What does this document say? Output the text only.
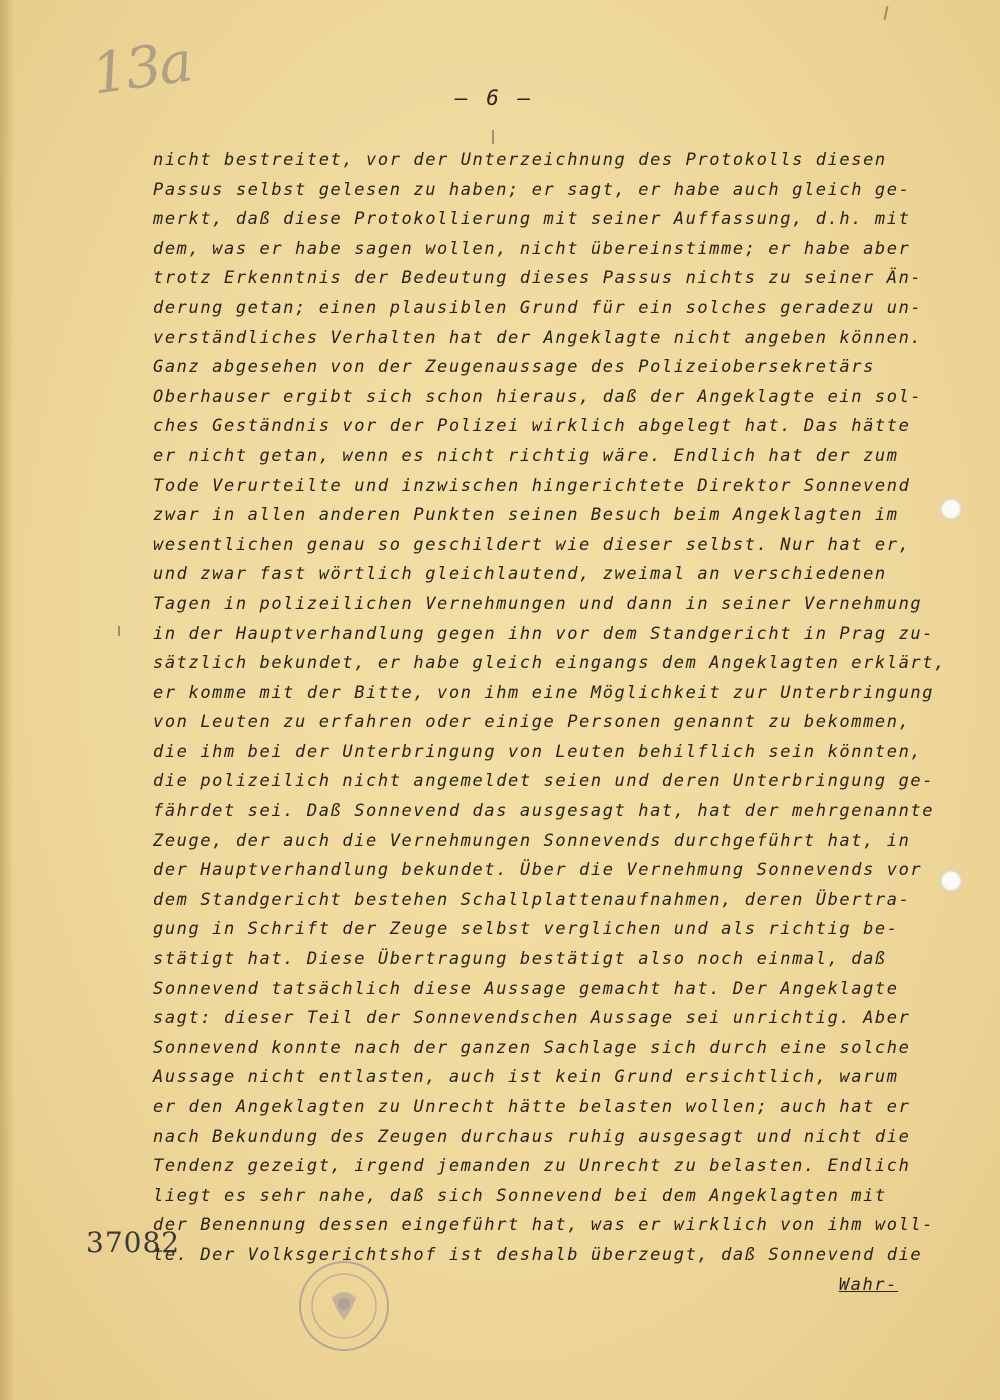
13a	– 6 –
nicht bestreitet, vor der Unterzeichnung des Protokolls diesen
Passus selbst gelesen zu haben; er sagt, er habe auch gleich ge-
merkt, daß diese Protokollierung mit seiner Auffassung, d.h. mit
dem, was er habe sagen wollen, nicht übereinstimme; er habe aber
trotz Erkenntnis der Bedeutung dieses Passus nichts zu seiner Än-
derung getan; einen plausiblen Grund für ein solches geradezu un-
verständliches Verhalten hat der Angeklagte nicht angeben können.
Ganz abgesehen von der Zeugenaussage des Polizeiobersekretärs
Oberhauser ergibt sich schon hieraus, daß der Angeklagte ein sol-
ches Geständnis vor der Polizei wirklich abgelegt hat. Das hätte
er nicht getan, wenn es nicht richtig wäre. Endlich hat der zum
Tode Verurteilte und inzwischen hingerichtete Direktor Sonnevend
zwar in allen anderen Punkten seinen Besuch beim Angeklagten im
wesentlichen genau so geschildert wie dieser selbst. Nur hat er,
und zwar fast wörtlich gleichlautend, zweimal an verschiedenen
Tagen in polizeilichen Vernehmungen und dann in seiner Vernehmung
in der Hauptverhandlung gegen ihn vor dem Standgericht in Prag zu-
sätzlich bekundet, er habe gleich eingangs dem Angeklagten erklärt,
er komme mit der Bitte, von ihm eine Möglichkeit zur Unterbringung
von Leuten zu erfahren oder einige Personen genannt zu bekommen,
die ihm bei der Unterbringung von Leuten behilflich sein könnten,
die polizeilich nicht angemeldet seien und deren Unterbringung ge-
fährdet sei. Daß Sonnevend das ausgesagt hat, hat der mehrgenannte
Zeuge, der auch die Vernehmungen Sonnevends durchgeführt hat, in
der Hauptverhandlung bekundet. Über die Vernehmung Sonnevends vor
dem Standgericht bestehen Schallplattenaufnahmen, deren Übertra-
gung in Schrift der Zeuge selbst verglichen und als richtig be-
stätigt hat. Diese Übertragung bestätigt also noch einmal, daß
Sonnevend tatsächlich diese Aussage gemacht hat. Der Angeklagte
sagt: dieser Teil der Sonnevendschen Aussage sei unrichtig. Aber
Sonnevend konnte nach der ganzen Sachlage sich durch eine solche
Aussage nicht entlasten, auch ist kein Grund ersichtlich, warum
er den Angeklagten zu Unrecht hätte belasten wollen; auch hat er
nach Bekundung des Zeugen durchaus ruhig ausgesagt und nicht die
Tendenz gezeigt, irgend jemanden zu Unrecht zu belasten. Endlich
liegt es sehr nahe, daß sich Sonnevend bei dem Angeklagten mit
der Benennung dessen eingeführt hat, was er wirklich von ihm woll-
te. Der Volksgerichtshof ist deshalb überzeugt, daß Sonnevend die
Wahr-
37082
